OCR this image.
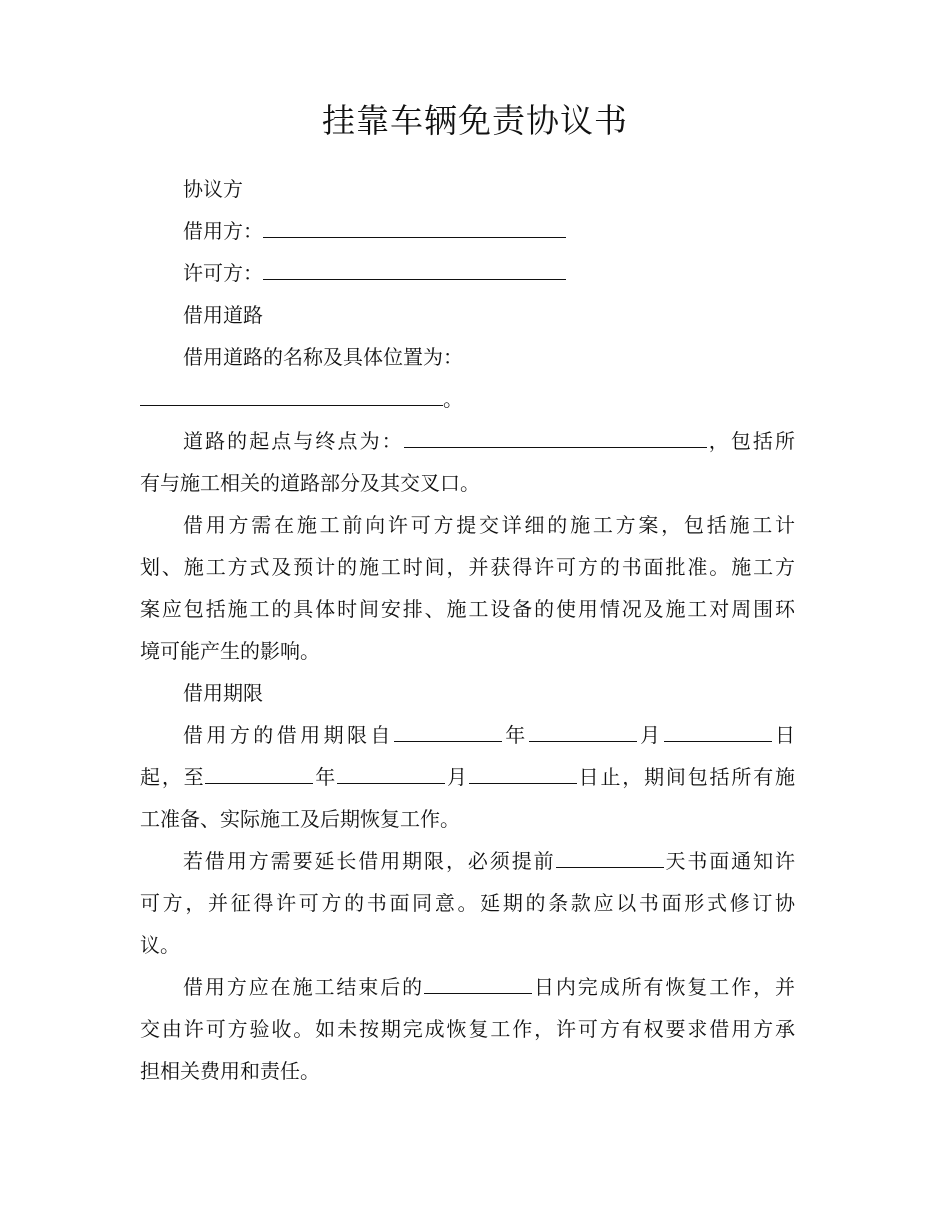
挂靠车辆免责协议书
协议方
借用方：
许可方：
借用道路
借用道路的名称及具体位置为：
。
道路的起点与终点为：	，包括所
有与施工相关的道路部分及其交叉口。
借用方需在施工前向许可方提交详细的施工方案，包括施工计
划、施工方式及预计的施工时间，并获得许可方的书面批准。施工方
案应包括施工的具体时间安排、施工设备的使用情况及施工对周围环
境可能产生的影响。
借用期限
借用方的借用期限自	年	月	日
起，至	年	月	日止，期间包括所有施
工准备、实际施工及后期恢复工作。
若借用方需要延长借用期限，必须提前	天书面通知许
可方，并征得许可方的书面同意。延期的条款应以书面形式修订协
议。
借用方应在施工结束后的	日内完成所有恢复工作，并
交由许可方验收。如未按期完成恢复工作，许可方有权要求借用方承
担相关费用和责任。
